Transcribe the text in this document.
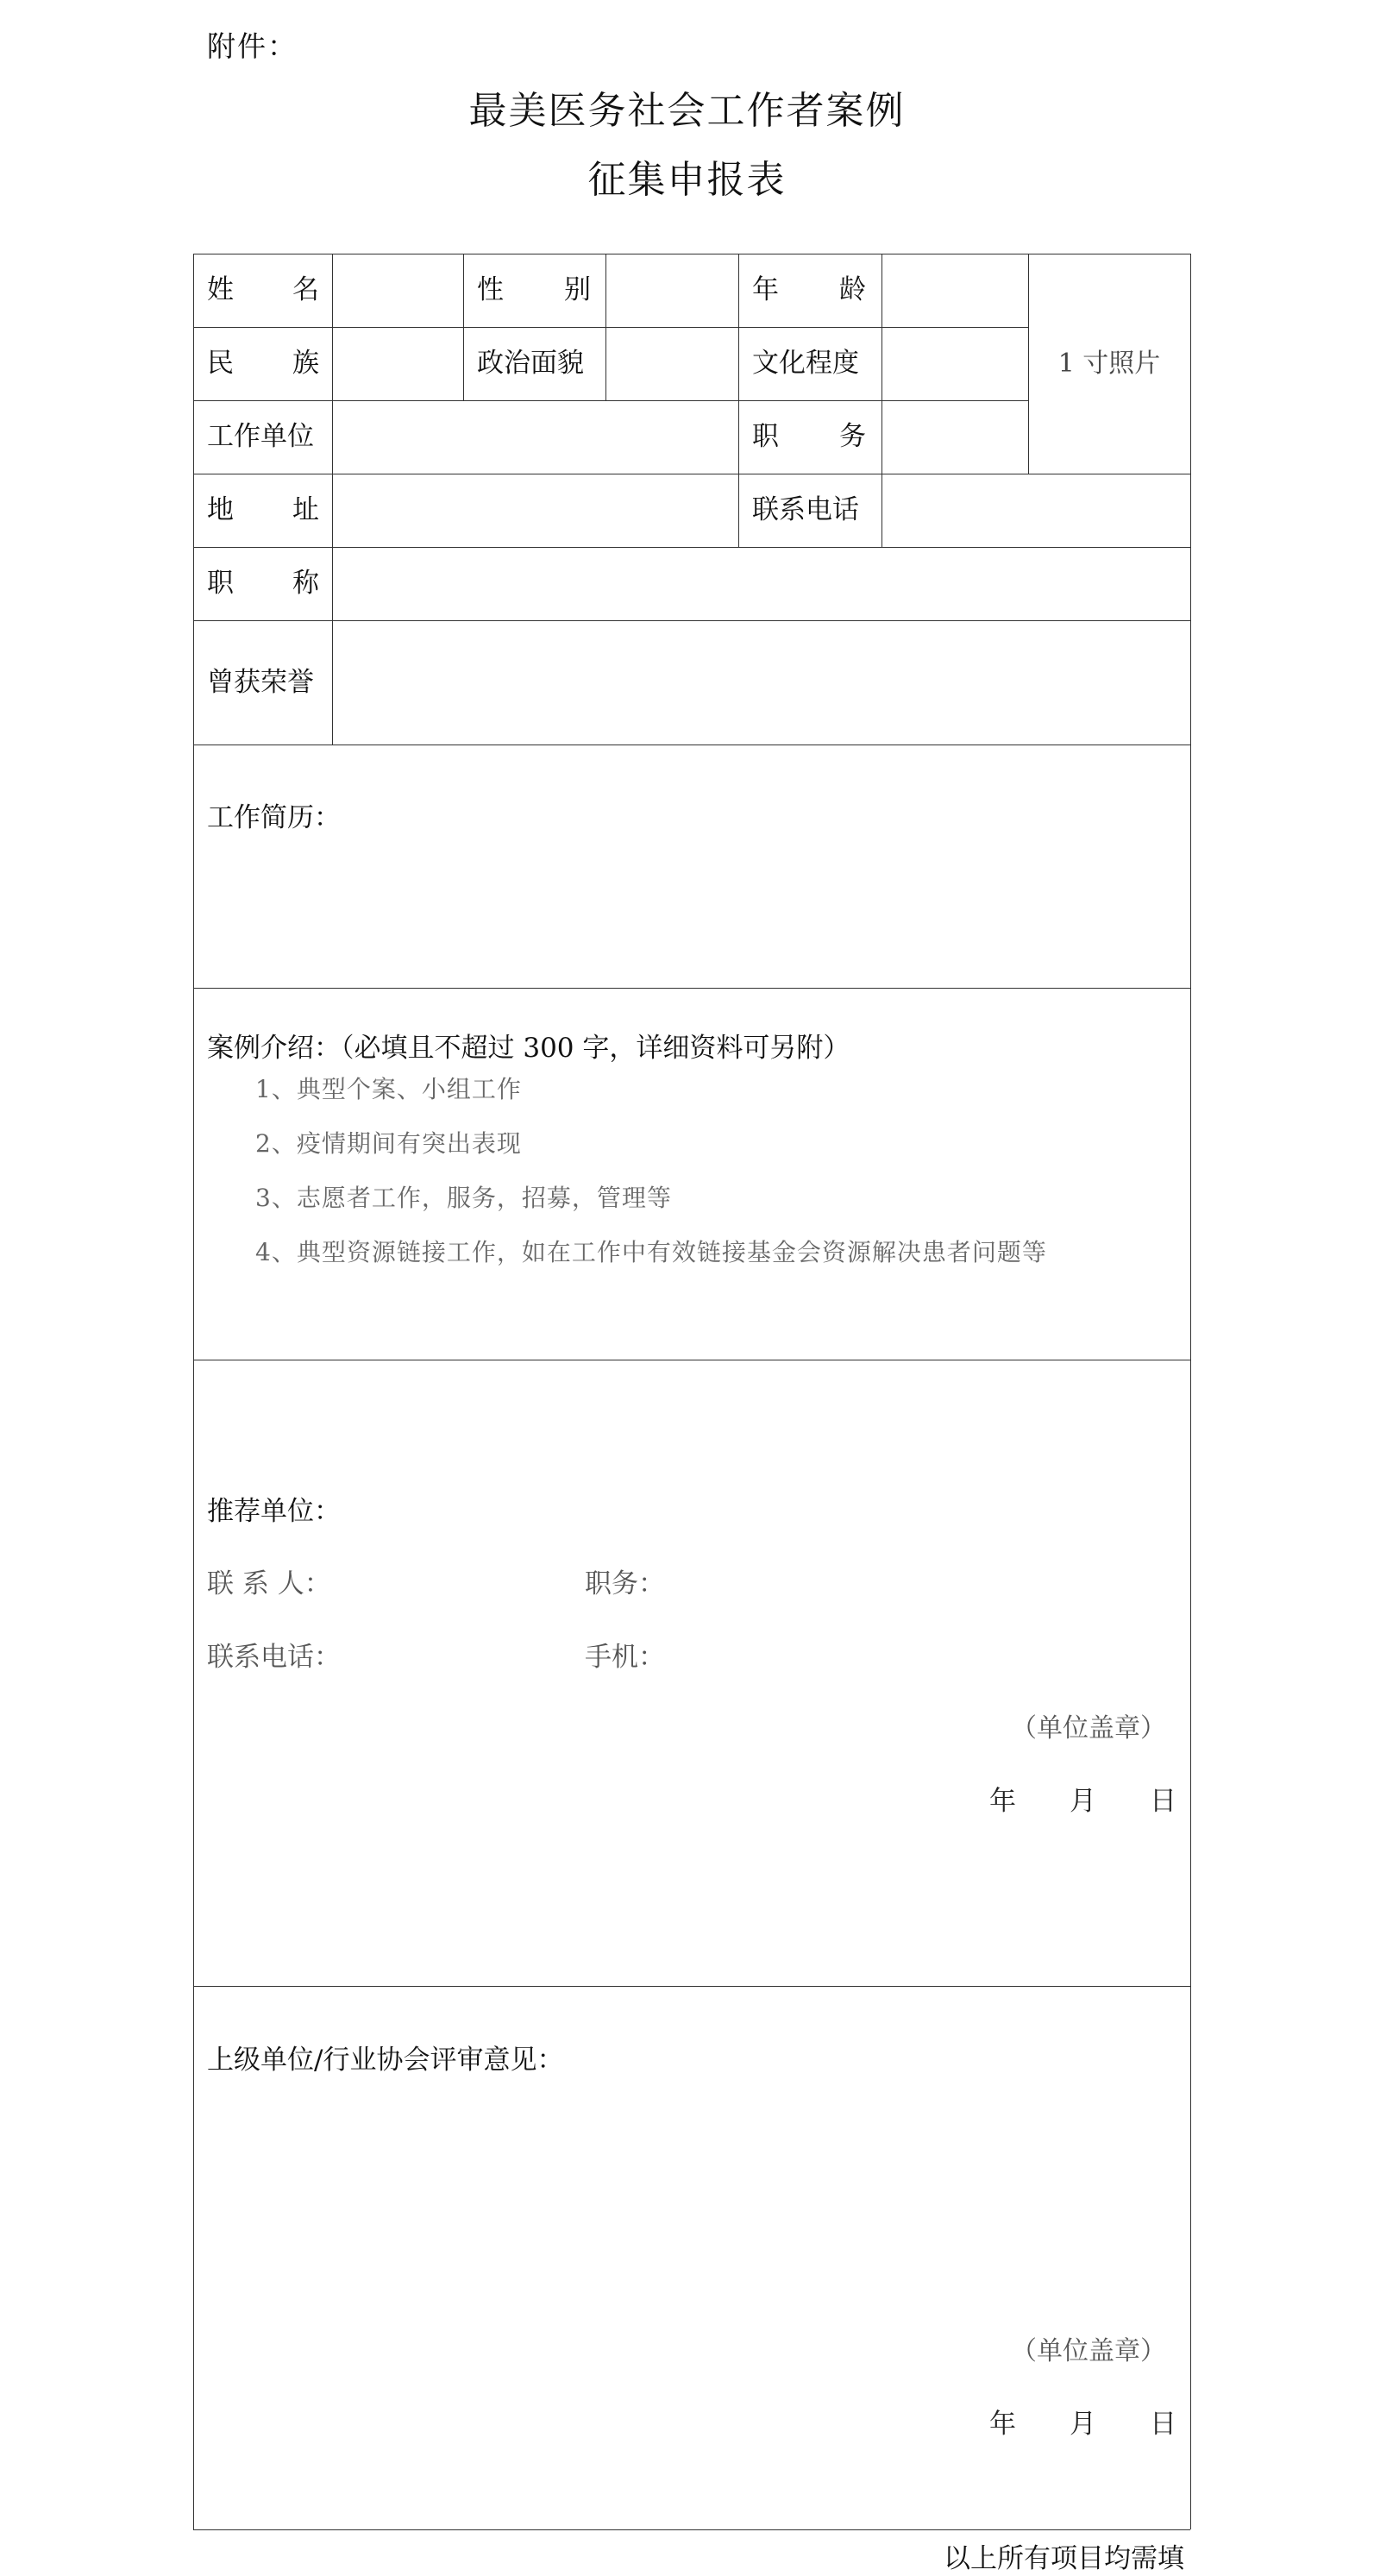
附件：
最美医务社会工作者案例
征集申报表
姓 名	性 别	年 龄
1 寸照片
民 族	政治面貌	文化程度
工作单位	职 务
地 址	联系电话
职 称
曾获荣誉
工作简历：
案例介绍：（必填且不超过 300 字，详细资料可另附）
1、典型个案、小组工作
2、疫情期间有突出表现
3、志愿者工作，服务，招募，管理等
4、典型资源链接工作，如在工作中有效链接基金会资源解决患者问题等
推荐单位：
联 系 人：	职务：
联系电话：	手机：
（单位盖章）
年 月 日
上级单位/行业协会评审意见：
（单位盖章）
年 月 日
以上所有项目均需填
